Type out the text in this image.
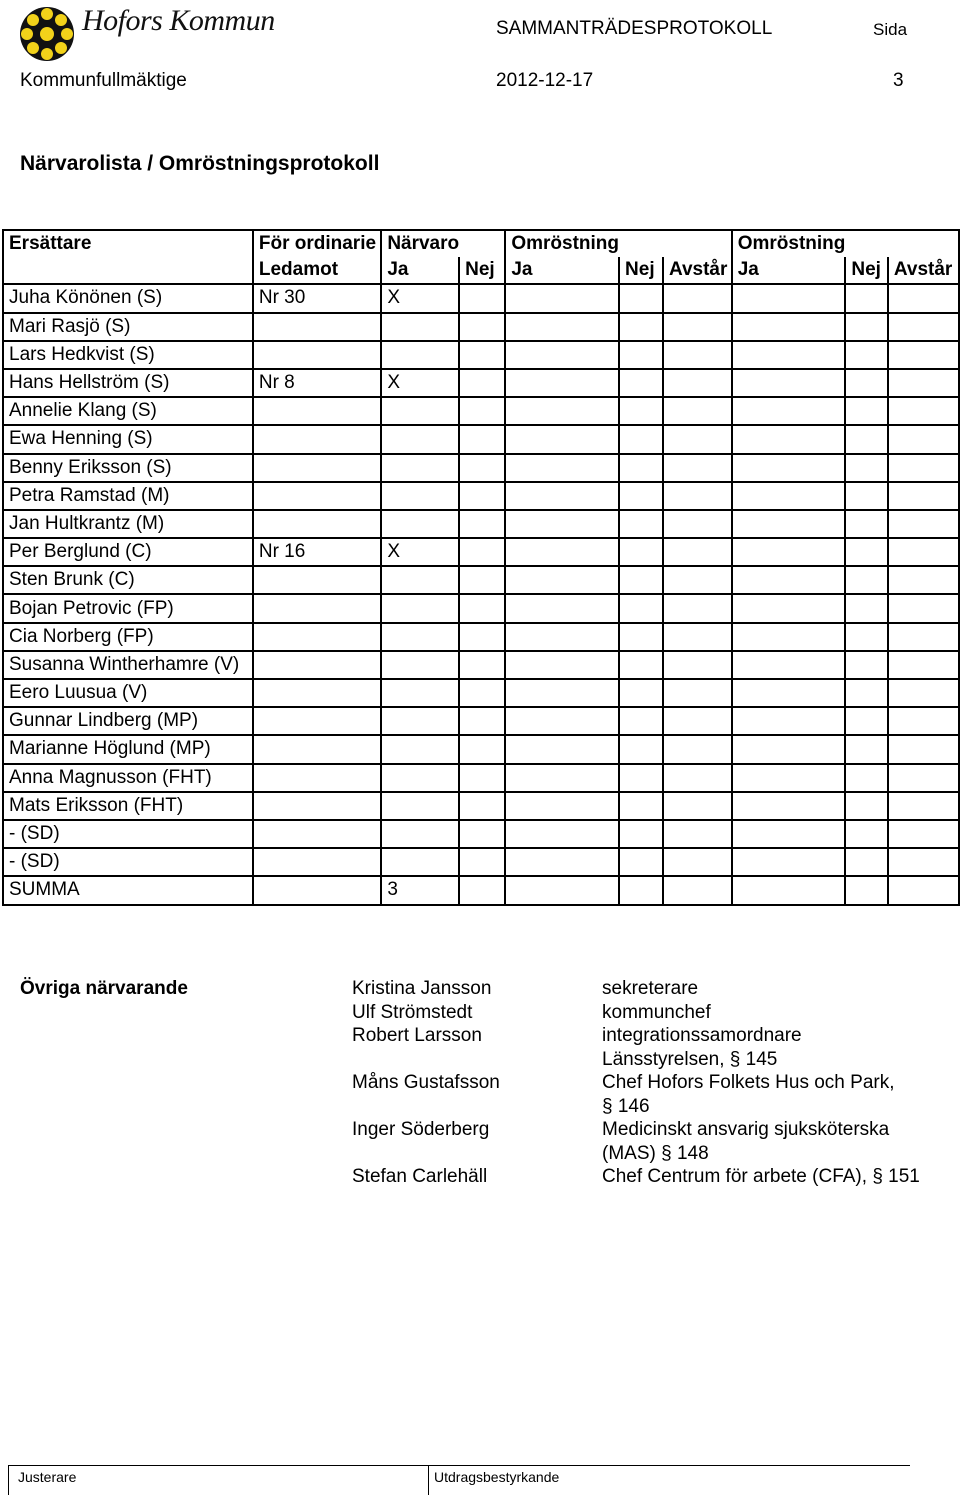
Hofors Kommun	SAMMANTRÄDESPROTOKOLL	Sida
Kommunfullmäktige	2012-12-17	3
Närvarolista / Omröstningsprotokoll
Ersättare	För ordinarie	Närvaro		Omröstning			Omröstning		
	Ledamot	Ja	Nej	Ja	Nej	Avstår	Ja	Nej	Avstår
Juha Könönen (S)	Nr 30	X							
Mari Rasjö (S)									
Lars Hedkvist (S)									
Hans Hellström (S)	Nr 8	X							
Annelie Klang (S)									
Ewa Henning (S)									
Benny Eriksson (S)									
Petra Ramstad (M)									
Jan Hultkrantz (M)									
Per Berglund (C)	Nr 16	X							
Sten Brunk (C)									
Bojan Petrovic (FP)									
Cia Norberg (FP)									
Susanna Wintherhamre (V)									
Eero Luusua (V)									
Gunnar Lindberg (MP)									
Marianne Höglund (MP)									
Anna Magnusson (FHT)									
Mats Eriksson (FHT)									
- (SD)									
- (SD)									
SUMMA		3							
Övriga närvarande	Kristina Jansson	sekreterare
Ulf Strömstedt	kommunchef
Robert Larsson	integrationssamordnare
Länsstyrelsen, § 145
Måns Gustafsson	Chef Hofors Folkets Hus och Park,
§ 146
Inger Söderberg	Medicinskt ansvarig sjuksköterska
(MAS) § 148
Stefan Carlehäll	Chef Centrum för arbete (CFA), § 151
Justerare	Utdragsbestyrkande
